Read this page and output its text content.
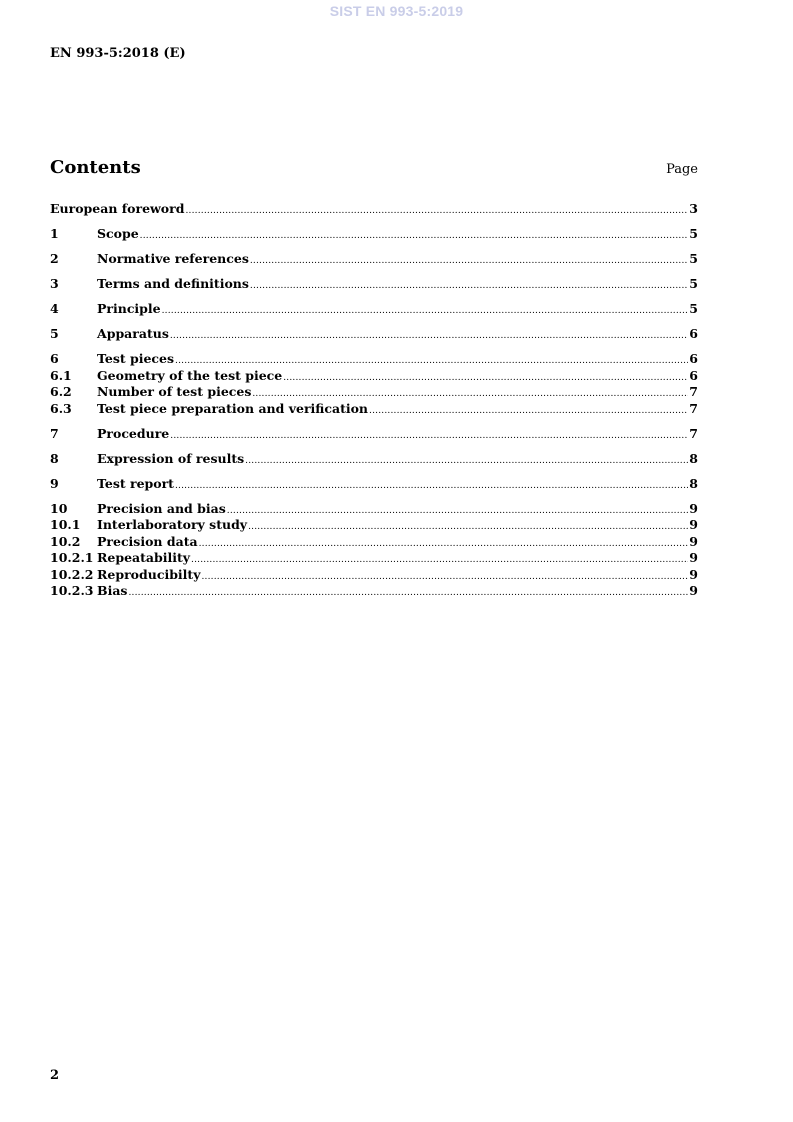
SIST EN 993-5:2019
EN 993-5:2018 (E)
Contents	Page
European foreword .....	3
1	Scope .....	5
2	Normative references .....	5
3	Terms and definitions .....	5
4	Principle .....	5
5	Apparatus .....	6
6	Test pieces .....	6
6.1	Geometry of the test piece .....	6
6.2	Number of test pieces .....	7
6.3	Test piece preparation and verification .....	7
7	Procedure .....	7
8	Expression of results .....	8
9	Test report .....	8
10	Precision and bias .....	9
10.1	Interlaboratory study .....	9
10.2	Precision data .....	9
10.2.1 Repeatability .....	9
10.2.2 Reproducibilty .....	9
10.2.3 Bias .....	9
2
